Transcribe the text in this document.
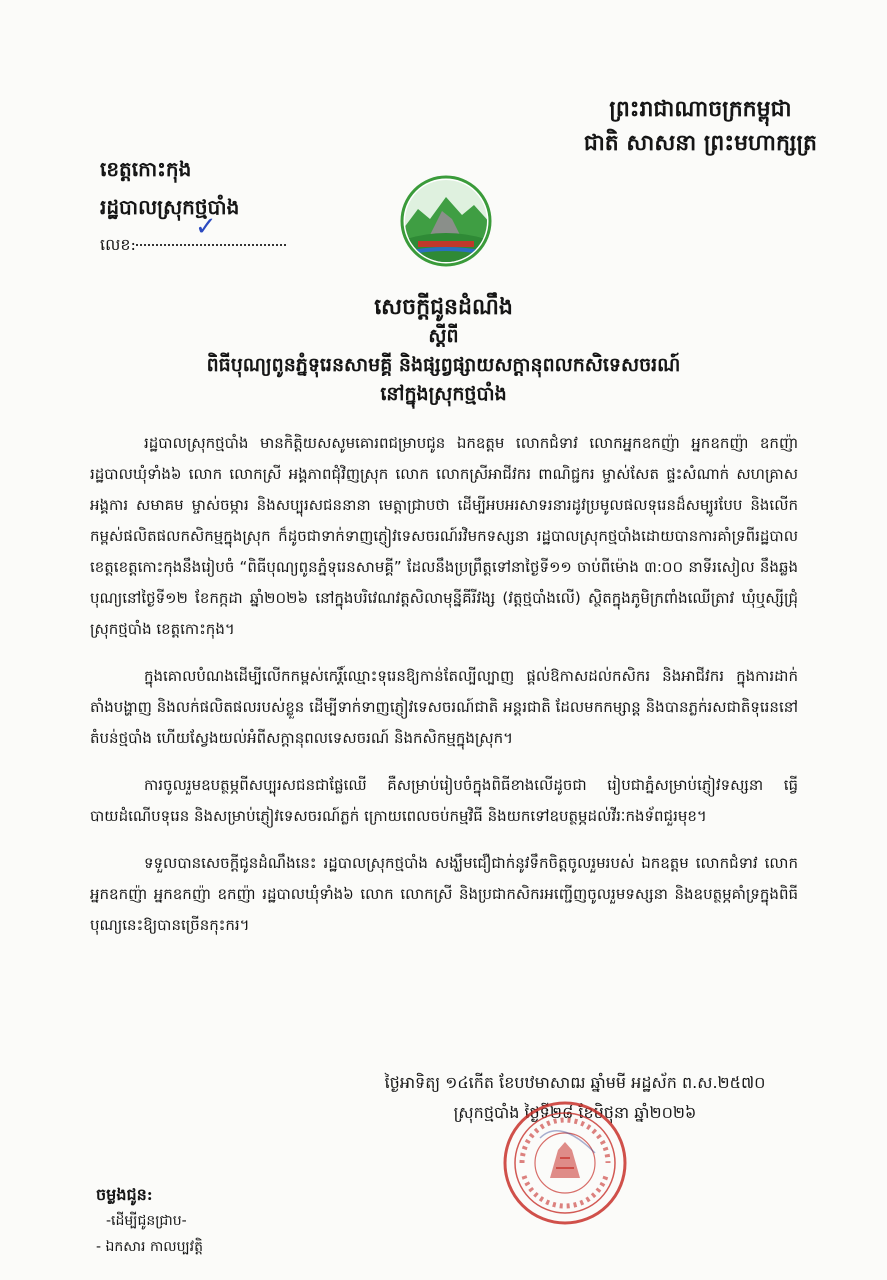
ព្រះរាជាណាចក្រកម្ពុជា
ជាតិ សាសនា ព្រះមហាក្សត្រ
ខេត្តកោះកុង
រដ្ឋបាលស្រុកថ្មបាំង
លេខ:
✓
សេចក្តីជូនដំណឹង
ស្តីពី
ពិធីបុណ្យពូនភ្នំទុរេនសាមគ្គី និងផ្សព្វផ្សាយសក្តានុពលកសិទេសចរណ៍
នៅក្នុងស្រុកថ្មបាំង

រដ្ឋបាលស្រុកថ្មបាំង មានកិត្តិយសសូមគោរពជម្រាបជូន ឯកឧត្តម លោកជំទាវ លោកអ្នកឧកញ៉ា អ្នកឧកញ៉ា ឧកញ៉ា រដ្ឋបាលឃុំទាំង៦ លោក លោកស្រី អង្គភាពជុំវិញស្រុក លោក លោកស្រីអាជីវករ ពាណិជ្ជករ ម្ចាស់សែត ផ្ទះសំណាក់ សហគ្រាស អង្គការ សមាគម ម្ចាស់ចម្ការ និងសប្បុរសជននានា មេត្តាជ្រាបថា ដើម្បីអបអរសាទរនារដូវប្រមូលផលទុរេនដ៏សម្បូរបែប និងលើកកម្ពស់ផលិតផលកសិកម្មក្នុងស្រុក ក៏ដូចជាទាក់ទាញភ្ញៀវទេសចរណ៍រវិមកទស្សនា រដ្ឋបាលស្រុកថ្មបាំងដោយបានការគាំទ្រពីរដ្ឋបាលខេត្តខេត្តកោះកុងនឹងរៀបចំ “ពិធីបុណ្យពូនភ្នំទុរេនសាមគ្គី” ដែលនឹងប្រព្រឹត្តទៅនាថ្ងៃទី១១ ចាប់ពីម៉ោង ៣:០០ នាទីរសៀល នឹងឆ្លងបុណ្យនៅថ្ងៃទី១២ ខែកក្កដា ឆ្នាំ២០២៦ នៅក្នុងបរិវេណវត្តសិលាមុន្នីគីរីវង្ស (វត្តថ្មបាំងលើ) ស្ថិតក្នុងភូមិក្រពាំងឈើត្រាវ ឃុំឬស្សីជ្រុំ ស្រុកថ្មបាំង ខេត្តកោះកុង។

ក្នុងគោលបំណងដើម្បីលើកកម្ពស់កេរ្តិ៍ឈ្មោះទុរេនឱ្យកាន់តែល្បីល្បាញ ផ្តល់ឱកាសដល់កសិករ និងអាជីវករ ក្នុងការដាក់តាំងបង្ហាញ និងលក់ផលិតផលរបស់ខ្លួន ដើម្បីទាក់ទាញភ្ញៀវទេសចរណ៍ជាតិ អន្តរជាតិ ដែលមកកម្សាន្ត និងបានភ្លក់រសជាតិទុរេននៅតំបន់ថ្មបាំង ហើយស្វែងយល់អំពីសក្តានុពលទេសចរណ៍ និងកសិកម្មក្នុងស្រុក។

ការចូលរួមឧបត្ថម្ភពីសប្បុរសជនជាផ្លែឈើ គឺសម្រាប់រៀបចំក្នុងពិធីខាងលើដូចជា រៀបជាភ្នំសម្រាប់ភ្ញៀវទស្សនា ធ្វើបាយដំណើបទុរេន និងសម្រាប់ភ្ញៀវទេសចរណ៍ភ្លក់ ក្រោយពេលចប់កម្មវិធី និងយកទៅឧបត្ថម្ភដល់វីរៈកងទ័ពជួរមុខ។

ទទួលបានសេចក្តីជូនដំណឹងនេះ រដ្ឋបាលស្រុកថ្មបាំង សង្ឃឹមជឿជាក់នូវទឹកចិត្តចូលរួមរបស់ ឯកឧត្តម លោកជំទាវ លោកអ្នកឧកញ៉ា អ្នកឧកញ៉ា ឧកញ៉ា រដ្ឋបាលឃុំទាំង៦ លោក លោកស្រី និងប្រជាកសិករអញ្ជើញចូលរួមទស្សនា និងឧបត្ថម្ភគាំទ្រក្នុងពិធីបុណ្យនេះឱ្យបានច្រើនកុះករ។

ថ្ងៃអាទិត្យ ១៤កើត ខែបឋមាសាឍ ឆ្នាំមមី អដ្ឋស័ក ព.ស.២៥៧០
ស្រុកថ្មបាំង ថ្ងៃទី២៨ ខែមិថុនា ឆ្នាំ២០២៦
ចម្លងជូន:
-ដើម្បីជូនជ្រាប-
- ឯកសារ កាលប្បវត្តិ
